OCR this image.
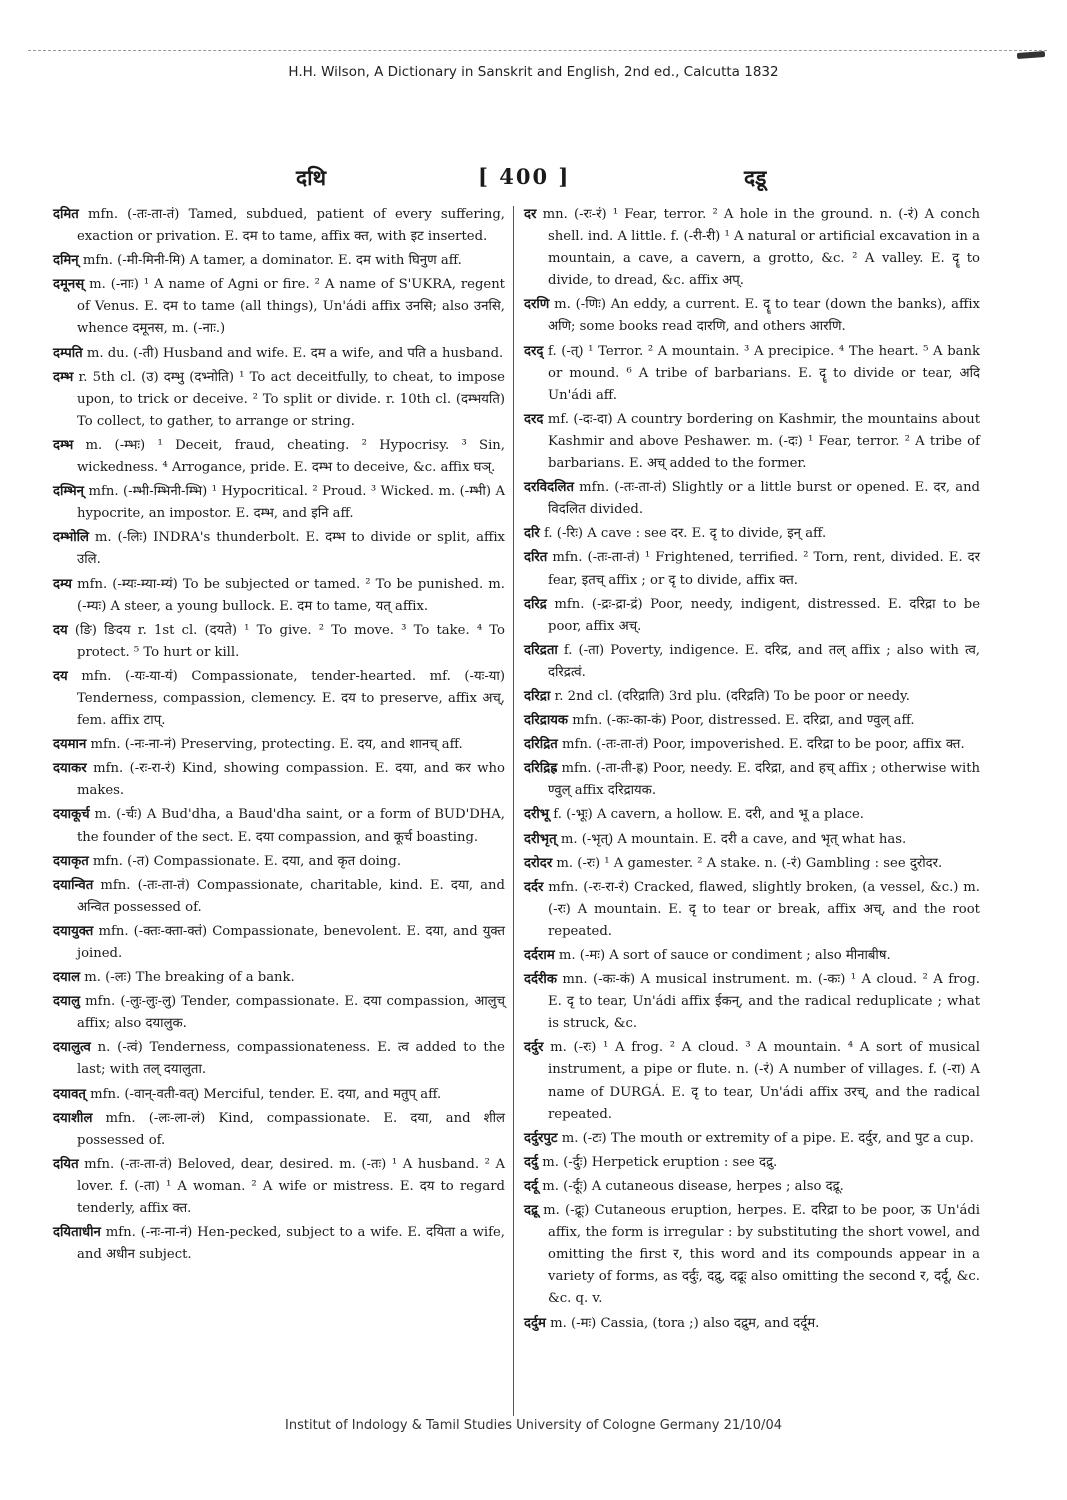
H.H. Wilson, A Dictionary in Sanskrit and English, 2nd ed., Calcutta 1832
दथि	[ 400 ]	दडू
दमित mfn. (-तः-ता-तं) Tamed, subdued, patient of every suffering, exaction or privation. E. दम to tame, affix क्त, with इट inserted.
दमिन् mfn. (-मी-मिनी-मि) A tamer, a dominator. E. दम with घिनुण aff.
दमूनस् m. (-नाः) ¹ A name of Agni or fire. ² A name of S'UKRA, regent of Venus. E. दम to tame (all things), Un'ádi affix उनसि; also उनसि, whence दमूनस, m. (-नाः.)
दम्पति m. du. (-ती) Husband and wife. E. दम a wife, and पति a husband.
दम्भ r. 5th cl. (उ) दम्भु (दभ्नोति) ¹ To act deceitfully, to cheat, to impose upon, to trick or deceive. ² To split or divide. r. 10th cl. (दम्भयति) To collect, to gather, to arrange or string.
दम्भ m. (-म्भः) ¹ Deceit, fraud, cheating. ² Hypocrisy. ³ Sin, wickedness. ⁴ Arrogance, pride. E. दम्भ to deceive, &c. affix घञ्.
दम्भिन् mfn. (-म्भी-म्भिनी-म्भि) ¹ Hypocritical. ² Proud. ³ Wicked. m. (-म्भी) A hypocrite, an impostor. E. दम्भ, and इनि aff.
दम्भोलि m. (-लिः) INDRA's thunderbolt. E. दम्भ to divide or split, affix उलि.
दम्य mfn. (-म्यः-म्या-म्यं) To be subjected or tamed. ² To be punished. m. (-म्यः) A steer, a young bullock. E. दम to tame, यत् affix.
दय (ङि) ङिदय r. 1st cl. (दयते) ¹ To give. ² To move. ³ To take. ⁴ To protect. ⁵ To hurt or kill.
दय mfn. (-यः-या-यं) Compassionate, tender-hearted. mf. (-यः-या) Tenderness, compassion, clemency. E. दय to preserve, affix अच्, fem. affix टाप्.
दयमान mfn. (-नः-ना-नं) Preserving, protecting. E. दय, and शानच् aff.
दयाकर mfn. (-रः-रा-रं) Kind, showing compassion. E. दया, and कर who makes.
दयाकूर्च m. (-र्चः) A Bud'dha, a Baud'dha saint, or a form of BUD'DHA, the founder of the sect. E. दया compassion, and कूर्च boasting.
दयाकृत mfn. (-त) Compassionate. E. दया, and कृत doing.
दयान्वित mfn. (-तः-ता-तं) Compassionate, charitable, kind. E. दया, and अन्वित possessed of.
दयायुक्त mfn. (-क्तः-क्ता-क्तं) Compassionate, benevolent. E. दया, and युक्त joined.
दयाल m. (-लः) The breaking of a bank.
दयालु mfn. (-लुः-लुः-लु) Tender, compassionate. E. दया compassion, आलुच् affix; also दयालुक.
दयालुत्व n. (-त्वं) Tenderness, compassionateness. E. त्व added to the last; with तल् दयालुता.
दयावत् mfn. (-वान्-वती-वत्) Merciful, tender. E. दया, and मतुप् aff.
दयाशील mfn. (-लः-ला-लं) Kind, compassionate. E. दया, and शील possessed of.
दयित mfn. (-तः-ता-तं) Beloved, dear, desired. m. (-तः) ¹ A husband. ² A lover. f. (-ता) ¹ A woman. ² A wife or mistress. E. दय to regard tenderly, affix क्त.
दयिताधीन mfn. (-नः-ना-नं) Hen-pecked, subject to a wife. E. दयिता a wife, and अधीन subject.
दर mn. (-रः-रं) ¹ Fear, terror. ² A hole in the ground. n. (-रं) A conch shell. ind. A little. f. (-री-री) ¹ A natural or artificial excavation in a mountain, a cave, a cavern, a grotto, &c. ² A valley. E. दॄ to divide, to dread, &c. affix अप्.
दरणि m. (-णिः) An eddy, a current. E. दॄ to tear (down the banks), affix अणि; some books read दारणि, and others आरणि.
दरद् f. (-त्) ¹ Terror. ² A mountain. ³ A precipice. ⁴ The heart. ⁵ A bank or mound. ⁶ A tribe of barbarians. E. दॄ to divide or tear, अदि Un'ádi aff.
दरद mf. (-दः-दा) A country bordering on Kashmir, the mountains about Kashmir and above Peshawer. m. (-दः) ¹ Fear, terror. ² A tribe of barbarians. E. अच् added to the former.
दरविदलित mfn. (-तः-ता-तं) Slightly or a little burst or opened. E. दर, and विदलित divided.
दरि f. (-रिः) A cave : see दर. E. दृ to divide, इन् aff.
दरित mfn. (-तः-ता-तं) ¹ Frightened, terrified. ² Torn, rent, divided. E. दर fear, इतच् affix ; or दृ to divide, affix क्त.
दरिद्र mfn. (-द्रः-द्रा-द्रं) Poor, needy, indigent, distressed. E. दरिद्रा to be poor, affix अच्.
दरिद्रता f. (-ता) Poverty, indigence. E. दरिद्र, and तल् affix ; also with त्व, दरिद्रत्वं.
दरिद्रा r. 2nd cl. (दरिद्राति) 3rd plu. (दरिद्रति) To be poor or needy.
दरिद्रायक mfn. (-कः-का-कं) Poor, distressed. E. दरिद्रा, and ण्वुल् aff.
दरिद्रित mfn. (-तः-ता-तं) Poor, impoverished. E. दरिद्रा to be poor, affix क्त.
दरिद्रिह्र mfn. (-ता-ती-ह्र) Poor, needy. E. दरिद्रा, and हच् affix ; otherwise with ण्वुल् affix दरिद्रायक.
दरीभू f. (-भूः) A cavern, a hollow. E. दरी, and भू a place.
दरीभृत् m. (-भृत्) A mountain. E. दरी a cave, and भृत् what has.
दरोदर m. (-रः) ¹ A gamester. ² A stake. n. (-रं) Gambling : see दुरोदर.
दर्दर mfn. (-रः-रा-रं) Cracked, flawed, slightly broken, (a vessel, &c.) m. (-रः) A mountain. E. दृ to tear or break, affix अच्, and the root repeated.
दर्दराम m. (-मः) A sort of sauce or condiment ; also मीनाबीष.
दर्दरीक mn. (-कः-कं) A musical instrument. m. (-कः) ¹ A cloud. ² A frog. E. दृ to tear, Un'ádi affix ईकन्, and the radical reduplicate ; what is struck, &c.
दर्दुर m. (-रः) ¹ A frog. ² A cloud. ³ A mountain. ⁴ A sort of musical instrument, a pipe or flute. n. (-रं) A number of villages. f. (-रा) A name of DURGÁ. E. दृ to tear, Un'ádi affix उरच्, and the radical repeated.
दर्दुरपुट m. (-टः) The mouth or extremity of a pipe. E. दर्दुर, and पुट a cup.
दर्दु m. (-र्दुः) Herpetick eruption : see दद्रु.
दर्दू m. (-र्दूः) A cutaneous disease, herpes ; also दद्रू.
दद्रू m. (-द्रूः) Cutaneous eruption, herpes. E. दरिद्रा to be poor, ऊ Un'ádi affix, the form is irregular : by substituting the short vowel, and omitting the first र, this word and its compounds appear in a variety of forms, as दर्दुः, दद्रु, दद्रूः also omitting the second र, दर्दू, &c. &c. q. v.
दर्दुम m. (-मः) Cassia, (tora ;) also दद्रुम, and दर्दूम.
Institut of Indology & Tamil Studies University of Cologne Germany 21/10/04
